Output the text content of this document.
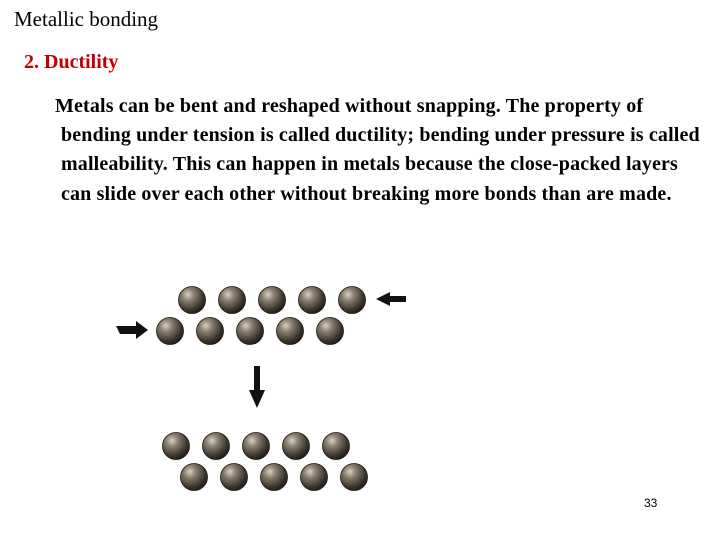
Metallic bonding
2. Ductility
Metals can be bent and reshaped without snapping. The property of bending under tension is called ductility; bending under pressure is called malleability. This can happen in metals because the close-packed layers can slide over each other without breaking more bonds than are made.
33
